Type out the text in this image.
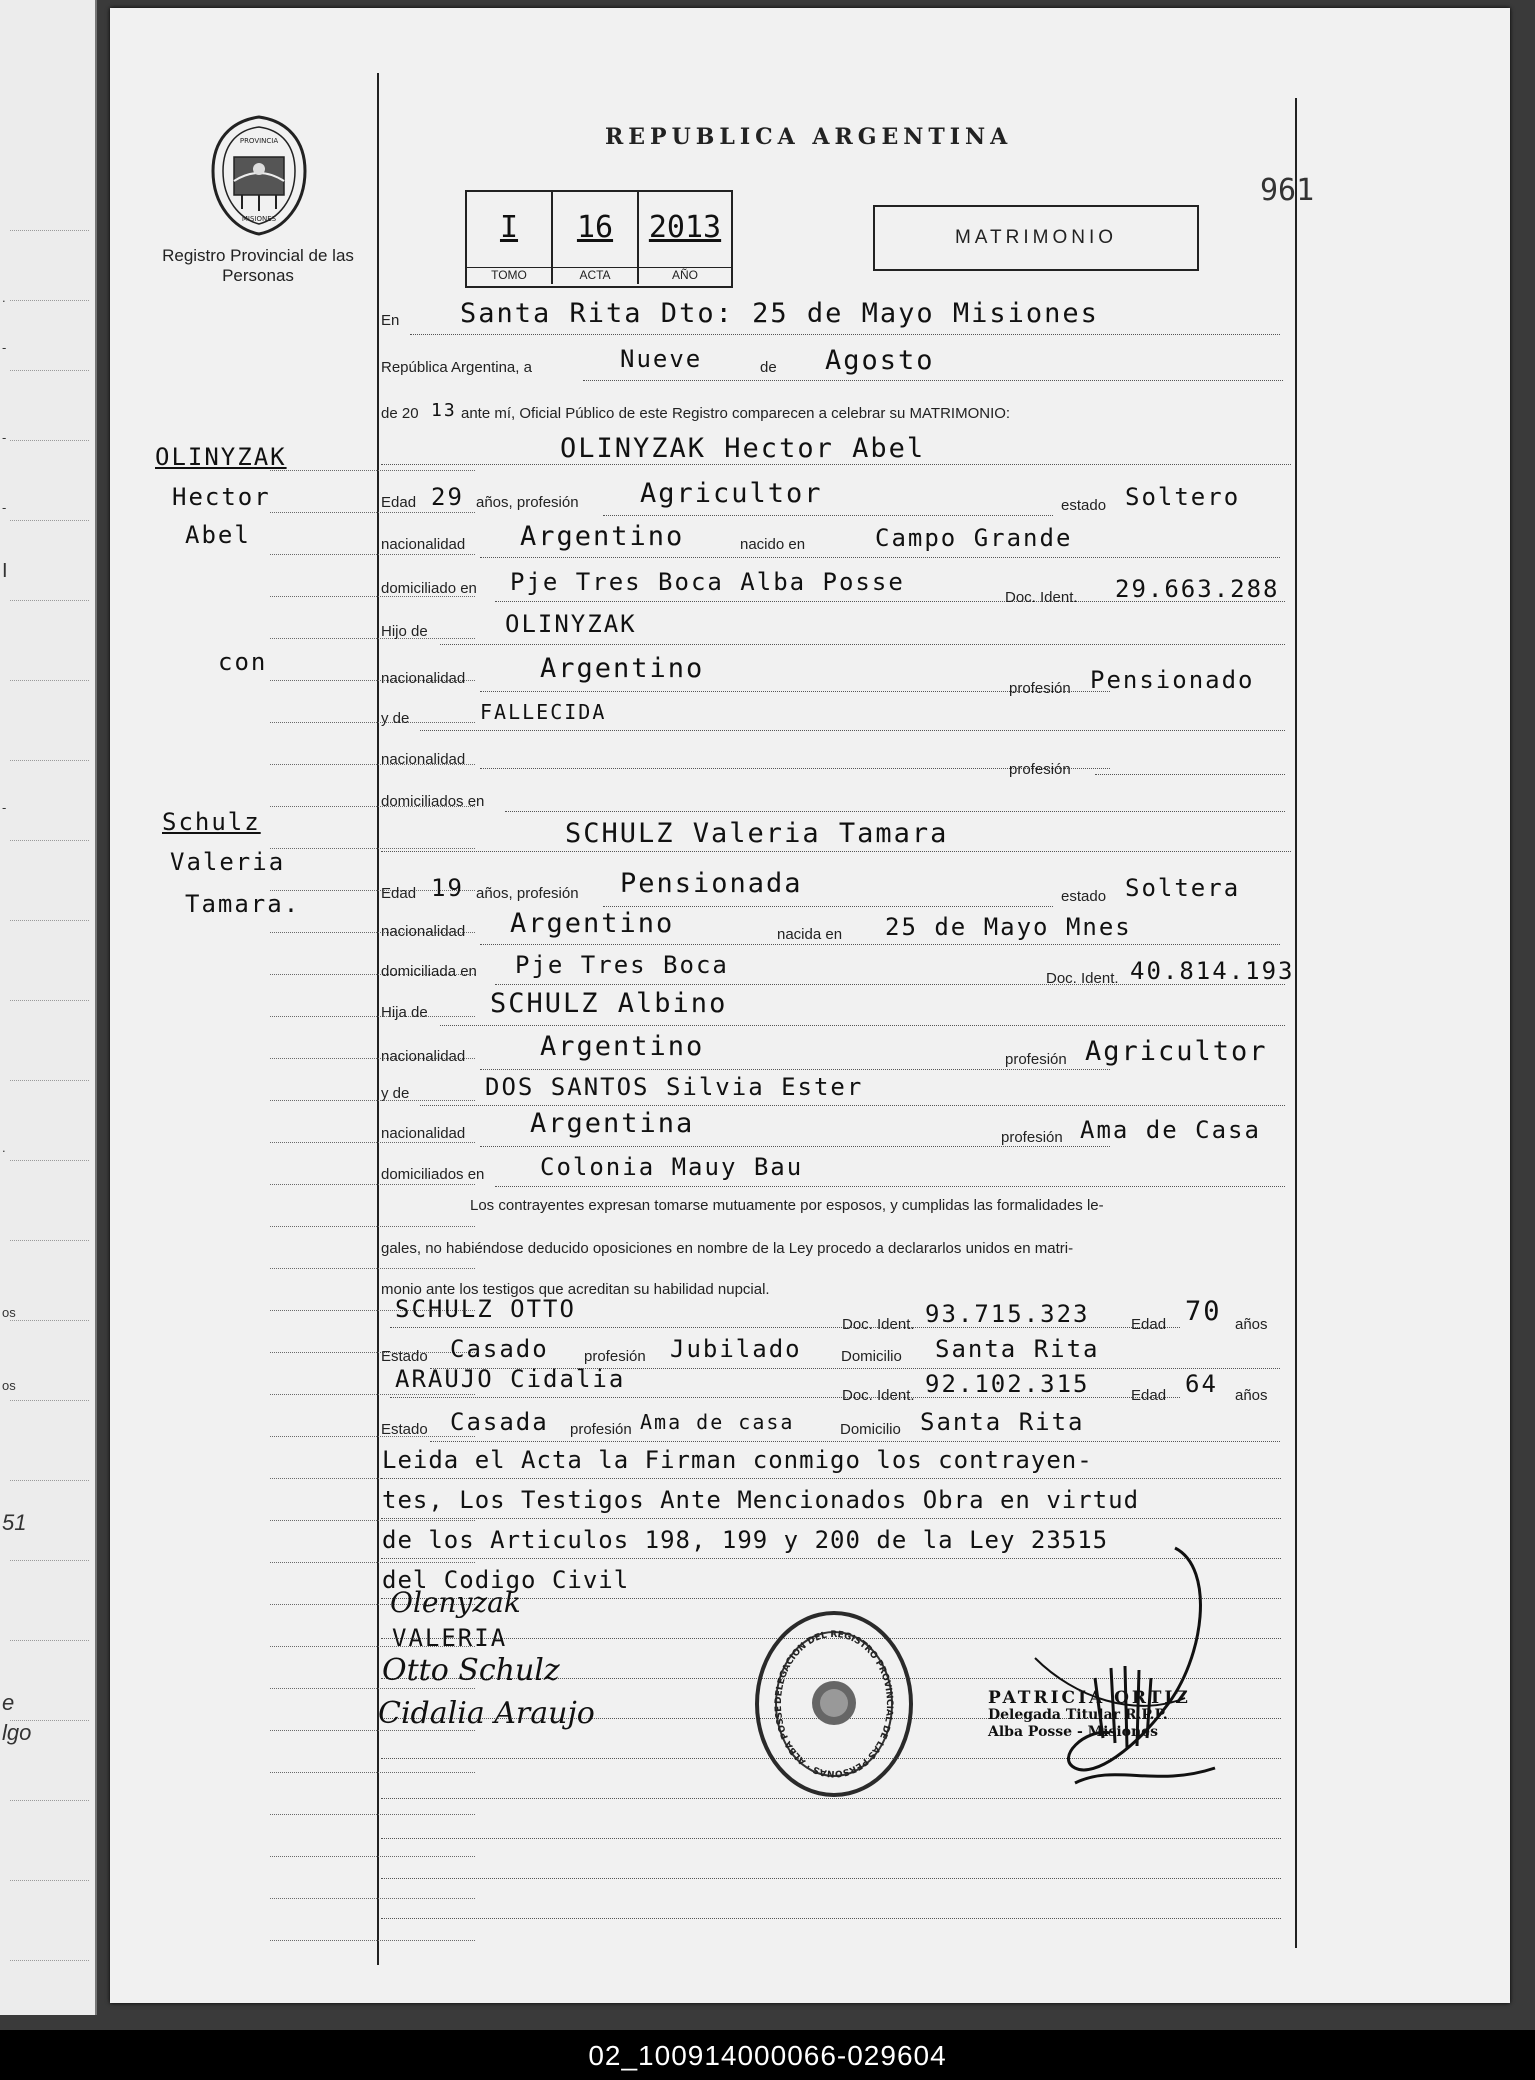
.
-
-
-
I
-
.
os
os
51
e
lgo
PROVINCIA
MISIONES
Registro Provincial de las Personas
REPUBLICA ARGENTINA
961
I
TOMO
16
ACTA
2013
AÑO
MATRIMONIO
OLINYZAK
Hector
Abel
con
Schulz
Valeria
Tamara.
En Santa Rita Dto: 25 de Mayo Misiones
República Argentina, a	Nueve	de Agosto
de 20 13 ante mí, Oficial Público de este Registro comparecen a celebrar su MATRIMONIO:
OLINYZAK Hector Abel
Edad 29 años, profesión Agricultor	estado Soltero
nacionalidad Argentino	nacido en	Campo Grande
domiciliado en Pje Tres Boca Alba Posse
Doc. Ident. 29.663.288
Hijo de	OLINYZAK
nacionalidad	Argentino
profesión Pensionado
y de	FALLECIDA
nacionalidad
profesión
domiciliados en
SCHULZ Valeria Tamara
Edad 19 años, profesión Pensionada	estado Soltera
nacionalidad Argentino	nacida en 25 de Mayo Mnes
domiciliada en Pje Tres Boca	Doc. Ident. 40.814.193
Hija de SCHULZ Albino
nacionalidad	Argentino	profesión Agricultor
y de	DOS SANTOS Silvia Ester
nacionalidad Argentina	profesión Ama de Casa
domiciliados en Colonia Mauy Bau
Los contrayentes expresan tomarse mutuamente por esposos, y cumplidas las formalidades le-
gales, no habiéndose deducido oposiciones en nombre de la Ley procedo a declararlos unidos en matri-
monio ante los testigos que acreditan su habilidad nupcial.
SCHULZ OTTO
Doc. Ident. 93.715.323	Edad 70 años
Estado Casado profesión Jubilado	Domicilio Santa Rita
ARAUJO Cidalia
Doc. Ident. 92.102.315	Edad 64 años
Estado Casada profesión Ama de casa	Domicilio Santa Rita
Leida el Acta la Firman conmigo los contrayen-
tes, Los Testigos Ante Mencionados Obra en virtud
de los Articulos 198, 199 y 200 de la Ley 23515
del Codigo Civil
Olenyzak
VALERIA
Otto Schulz
Cidalia Araujo	DELEGACION DEL REGISTRO PROVINCIAL DE LAS PERSONAS · ALBA POSSE
PATRICIA ORTIZ
Delegada Titular R.P.P.
Alba Posse - Misiones
02_100914000066-029604
